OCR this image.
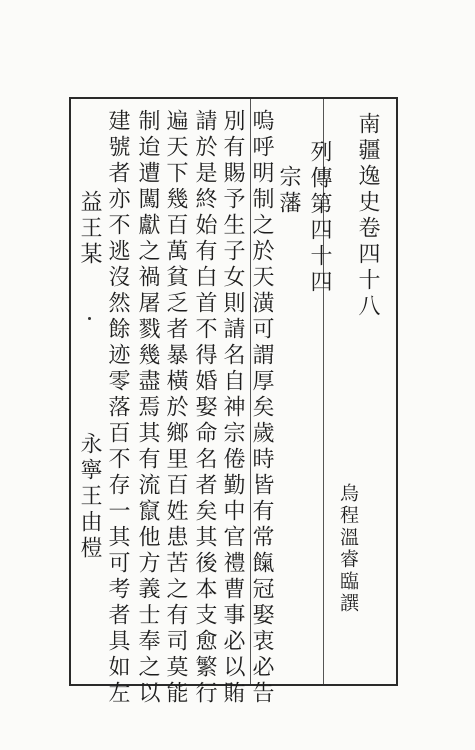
南疆逸史卷四十八
烏程溫睿臨譔
列傳第四十四
宗藩
嗚呼明制之於天潢可謂厚矣歲時皆有常餼冠娶衷必告
別有賜予生子女則請名自神宗倦勤中官禮曹事必以賄
請於是終始有白首不得婚娶命名者矣其後本支愈繁行
遍天下幾百萬貧乏者暴橫於鄉里百姓患苦之有司莫能
制迨遭闖獻之禍屠戮幾盡焉其有流竄他方義士奉之以
建號者亦不逃沒然餘迹零落百不存一其可考者具如左
益王某
永寧王由榿
